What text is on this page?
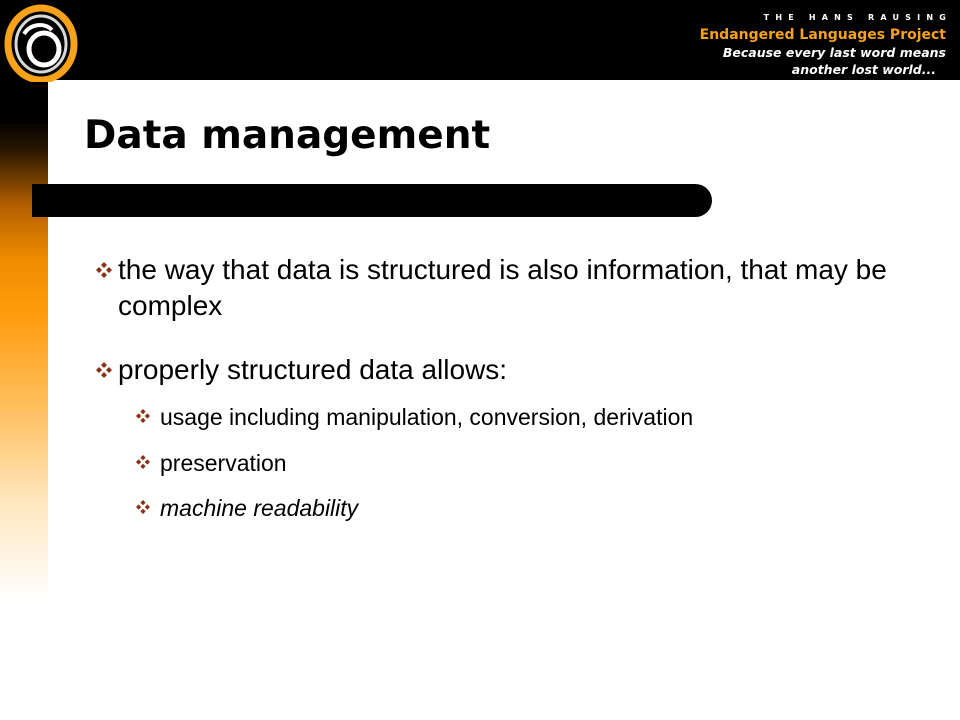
THE HANS RAUSING
Endangered Languages Project
Because every last word means
another lost world...
Data management
the way that data is structured is also information, that may be complex
properly structured data allows:
usage including manipulation, conversion, derivation
preservation
machine readability
